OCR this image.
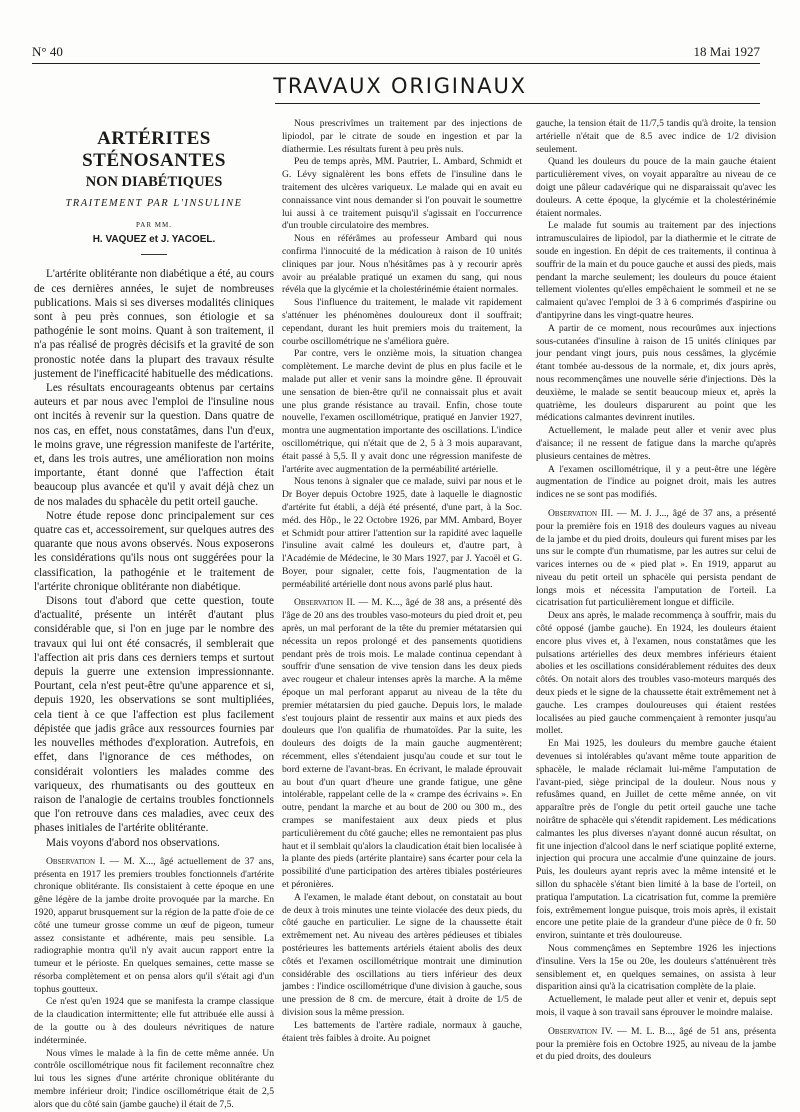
N° 40	18 Mai 1927
TRAVAUX ORIGINAUX
ARTÉRITES STÉNOSANTES
NON DIABÉTIQUES
TRAITEMENT PAR L'INSULINE
PAR MM.
H. VAQUEZ et J. YACOEL.

L'artérite oblitérante non diabétique a été, au cours de ces dernières années, le sujet de nombreuses publications. Mais si ses diverses modalités cliniques sont à peu près connues, son étiologie et sa pathogénie le sont moins. Quant à son traitement, il n'a pas réalisé de progrès décisifs et la gravité de son pronostic notée dans la plupart des travaux résulte justement de l'inefficacité habituelle des médications.

Les résultats encourageants obtenus par certains auteurs et par nous avec l'emploi de l'insuline nous ont incités à revenir sur la question. Dans quatre de nos cas, en effet, nous constatâmes, dans l'un d'eux, le moins grave, une régression manifeste de l'artérite, et, dans les trois autres, une amélioration non moins importante, étant donné que l'affection était beaucoup plus avancée et qu'il y avait déjà chez un de nos malades du sphacèle du petit orteil gauche.

Notre étude repose donc principalement sur ces quatre cas et, accessoirement, sur quelques autres des quarante que nous avons observés. Nous exposerons les considérations qu'ils nous ont suggérées pour la classification, la pathogénie et le traitement de l'artérite chronique oblitérante non diabétique.

Disons tout d'abord que cette question, toute d'actualité, présente un intérêt d'autant plus considérable que, si l'on en juge par le nombre des travaux qui lui ont été consacrés, il semblerait que l'affection ait pris dans ces derniers temps et surtout depuis la guerre une extension impressionnante. Pourtant, cela n'est peut-être qu'une apparence et si, depuis 1920, les observations se sont multipliées, cela tient à ce que l'affection est plus facilement dépistée que jadis grâce aux ressources fournies par les nouvelles méthodes d'exploration. Autrefois, en effet, dans l'ignorance de ces méthodes, on considérait volontiers les malades comme des variqueux, des rhumatisants ou des goutteux en raison de l'analogie de certains troubles fonctionnels que l'on retrouve dans ces maladies, avec ceux des phases initiales de l'artérite oblitérante.

Mais voyons d'abord nos observations.

Observation I. — M. X..., âgé actuellement de 37 ans, présenta en 1917 les premiers troubles fonctionnels d'artérite chronique oblitérante. Ils consistaient à cette époque en une gêne légère de la jambe droite provoquée par la marche. En 1920, apparut brusquement sur la région de la patte d'oie de ce côté une tumeur grosse comme un œuf de pigeon, tumeur assez consistante et adhérente, mais peu sensible. La radiographie montra qu'il n'y avait aucun rapport entre la tumeur et le périoste. En quelques semaines, cette masse se résorba complètement et on pensa alors qu'il s'était agi d'un tophus goutteux.

Ce n'est qu'en 1924 que se manifesta la crampe classique de la claudication intermittente; elle fut attribuée elle aussi à de la goutte ou à des douleurs névritiques de nature indéterminée.

Nous vîmes le malade à la fin de cette même année. Un contrôle oscillométrique nous fit facilement reconnaître chez lui tous les signes d'une artérite chronique oblitérante du membre inférieur droit; l'indice oscillométrique était de 2,5 alors que du côté sain (jambe gauche) il était de 7,5.

Nous prescrivîmes un traitement par des injections de lipiodol, par le citrate de soude en ingestion et par la diathermie. Les résultats furent à peu près nuls.

Peu de temps après, MM. Pautrier, L. Ambard, Schmidt et G. Lévy signalèrent les bons effets de l'insuline dans le traitement des ulcères variqueux. Le malade qui en avait eu connaissance vint nous demander si l'on pouvait le soumettre lui aussi à ce traitement puisqu'il s'agissait en l'occurrence d'un trouble circulatoire des membres.

Nous en référâmes au professeur Ambard qui nous confirma l'innocuité de la médication à raison de 10 unités cliniques par jour. Nous n'hésitâmes pas à y recourir après avoir au préalable pratiqué un examen du sang, qui nous révéla que la glycémie et la cholestérinémie étaient normales.

Sous l'influence du traitement, le malade vit rapidement s'atténuer les phénomènes douloureux dont il souffrait; cependant, durant les huit premiers mois du traitement, la courbe oscillométrique ne s'améliora guère.

Par contre, vers le onzième mois, la situation changea complètement. Le marche devint de plus en plus facile et le malade put aller et venir sans la moindre gêne. Il éprouvait une sensation de bien-être qu'il ne connaissait plus et avait une plus grande résistance au travail. Enfin, chose toute nouvelle, l'examen oscillométrique, pratiqué en Janvier 1927, montra une augmentation importante des oscillations. L'indice oscillométrique, qui n'était que de 2, 5 à 3 mois auparavant, était passé à 5,5. Il y avait donc une régression manifeste de l'artérite avec augmentation de la perméabilité artérielle.

Nous tenons à signaler que ce malade, suivi par nous et le Dr Boyer depuis Octobre 1925, date à laquelle le diagnostic d'artérite fut établi, a déjà été présenté, d'une part, à la Soc. méd. des Hôp., le 22 Octobre 1926, par MM. Ambard, Boyer et Schmidt pour attirer l'attention sur la rapidité avec laquelle l'insuline avait calmé les douleurs et, d'autre part, à l'Académie de Médecine, le 30 Mars 1927, par J. Yacoël et G. Boyer, pour signaler, cette fois, l'augmentation de la perméabilité artérielle dont nous avons parlé plus haut.

Observation II. — M. K..., âgé de 38 ans, a présenté dès l'âge de 20 ans des troubles vaso-moteurs du pied droit et, peu après, un mal perforant de la tête du premier métatarsien qui nécessita un repos prolongé et des pansements quotidiens pendant près de trois mois. Le malade continua cependant à souffrir d'une sensation de vive tension dans les deux pieds avec rougeur et chaleur intenses après la marche. A la même époque un mal perforant apparut au niveau de la tête du premier métatarsien du pied gauche. Depuis lors, le malade s'est toujours plaint de ressentir aux mains et aux pieds des douleurs que l'on qualifia de rhumatoïdes. Par la suite, les douleurs des doigts de la main gauche augmentèrent; récemment, elles s'étendaient jusqu'au coude et sur tout le bord externe de l'avant-bras. En écrivant, le malade éprouvait au bout d'un quart d'heure une grande fatigue, une gêne intolérable, rappelant celle de la « crampe des écrivains ». En outre, pendant la marche et au bout de 200 ou 300 m., des crampes se manifestaient aux deux pieds et plus particulièrement du côté gauche; elles ne remontaient pas plus haut et il semblait qu'alors la claudication était bien localisée à la plante des pieds (artérite plantaire) sans écarter pour cela la possibilité d'une participation des artères tibiales postérieures et péronières.

A l'examen, le malade étant debout, on constatait au bout de deux à trois minutes une teinte violacée des deux pieds, du côté gauche en particulier. Le signe de la chaussette était extrêmement net. Au niveau des artères pédieuses et tibiales postérieures les battements artériels étaient abolis des deux côtés et l'examen oscillométrique montrait une diminution considérable des oscillations au tiers inférieur des deux jambes : l'indice oscillométrique d'une division à gauche, sous une pression de 8 cm. de mercure, était à droite de 1/5 de division sous la même pression.

Les battements de l'artère radiale, normaux à gauche, étaient très faibles à droite. Au poignet

gauche, la tension était de 11/7,5 tandis qu'à droite, la tension artérielle n'était que de 8.5 avec indice de 1/2 division seulement.

Quand les douleurs du pouce de la main gauche étaient particulièrement vives, on voyait apparaître au niveau de ce doigt une pâleur cadavérique qui ne disparaissait qu'avec les douleurs. A cette époque, la glycémie et la cholestérinémie étaient normales.

Le malade fut soumis au traitement par des injections intramusculaires de lipiodol, par la diathermie et le citrate de soude en ingestion. En dépit de ces traitements, il continua à souffrir de la main et du pouce gauche et aussi des pieds, mais pendant la marche seulement; les douleurs du pouce étaient tellement violentes qu'elles empêchaient le sommeil et ne se calmaient qu'avec l'emploi de 3 à 6 comprimés d'aspirine ou d'antipyrine dans les vingt-quatre heures.

A partir de ce moment, nous recourûmes aux injections sous-cutanées d'insuline à raison de 15 unités cliniques par jour pendant vingt jours, puis nous cessâmes, la glycémie étant tombée au-dessous de la normale, et, dix jours après, nous recommençâmes une nouvelle série d'injections. Dès la deuxième, le malade se sentit beaucoup mieux et, après la quatrième, les douleurs disparurent au point que les médications calmantes devinrent inutiles.

Actuellement, le malade peut aller et venir avec plus d'aisance; il ne ressent de fatigue dans la marche qu'après plusieurs centaines de mètres.

A l'examen oscillométrique, il y a peut-être une légère augmentation de l'indice au poignet droit, mais les autres indices ne se sont pas modifiés.

Observation III. — M. J. J..., âgé de 37 ans, a présenté pour la première fois en 1918 des douleurs vagues au niveau de la jambe et du pied droits, douleurs qui furent mises par les uns sur le compte d'un rhumatisme, par les autres sur celui de varices internes ou de « pied plat ». En 1919, apparut au niveau du petit orteil un sphacèle qui persista pendant de longs mois et nécessita l'amputation de l'orteil. La cicatrisation fut particulièrement longue et difficile.

Deux ans après, le malade recommença à souffrir, mais du côté opposé (jambe gauche). En 1924, les douleurs étaient encore plus vives et, à l'examen, nous constatâmes que les pulsations artérielles des deux membres inférieurs étaient abolies et les oscillations considérablement réduites des deux côtés. On notait alors des troubles vaso-moteurs marqués des deux pieds et le signe de la chaussette était extrêmement net à gauche. Les crampes douloureuses qui étaient restées localisées au pied gauche commençaient à remonter jusqu'au mollet.

En Mai 1925, les douleurs du membre gauche étaient devenues si intolérables qu'avant même toute apparition de sphacèle, le malade réclamait lui-même l'amputation de l'avant-pied, siège principal de la douleur. Nous nous y refusâmes quand, en Juillet de cette même année, on vit apparaître près de l'ongle du petit orteil gauche une tache noirâtre de sphacèle qui s'étendit rapidement. Les médications calmantes les plus diverses n'ayant donné aucun résultat, on fit une injection d'alcool dans le nerf sciatique poplité externe, injection qui procura une accalmie d'une quinzaine de jours. Puis, les douleurs ayant repris avec la même intensité et le sillon du sphacèle s'étant bien limité à la base de l'orteil, on pratiqua l'amputation. La cicatrisation fut, comme la première fois, extrêmement longue puisque, trois mois après, il existait encore une petite plaie de la grandeur d'une pièce de 0 fr. 50 environ, suintante et très douloureuse.

Nous commençâmes en Septembre 1926 les injections d'insuline. Vers la 15e ou 20e, les douleurs s'atténuèrent très sensiblement et, en quelques semaines, on assista à leur disparition ainsi qu'à la cicatrisation complète de la plaie.

Actuellement, le malade peut aller et venir et, depuis sept mois, il vaque à son travail sans éprouver le moindre malaise.

Observation IV. — M. L. B..., âgé de 51 ans, présenta pour la première fois en Octobre 1925, au niveau de la jambe et du pied droits, des douleurs
